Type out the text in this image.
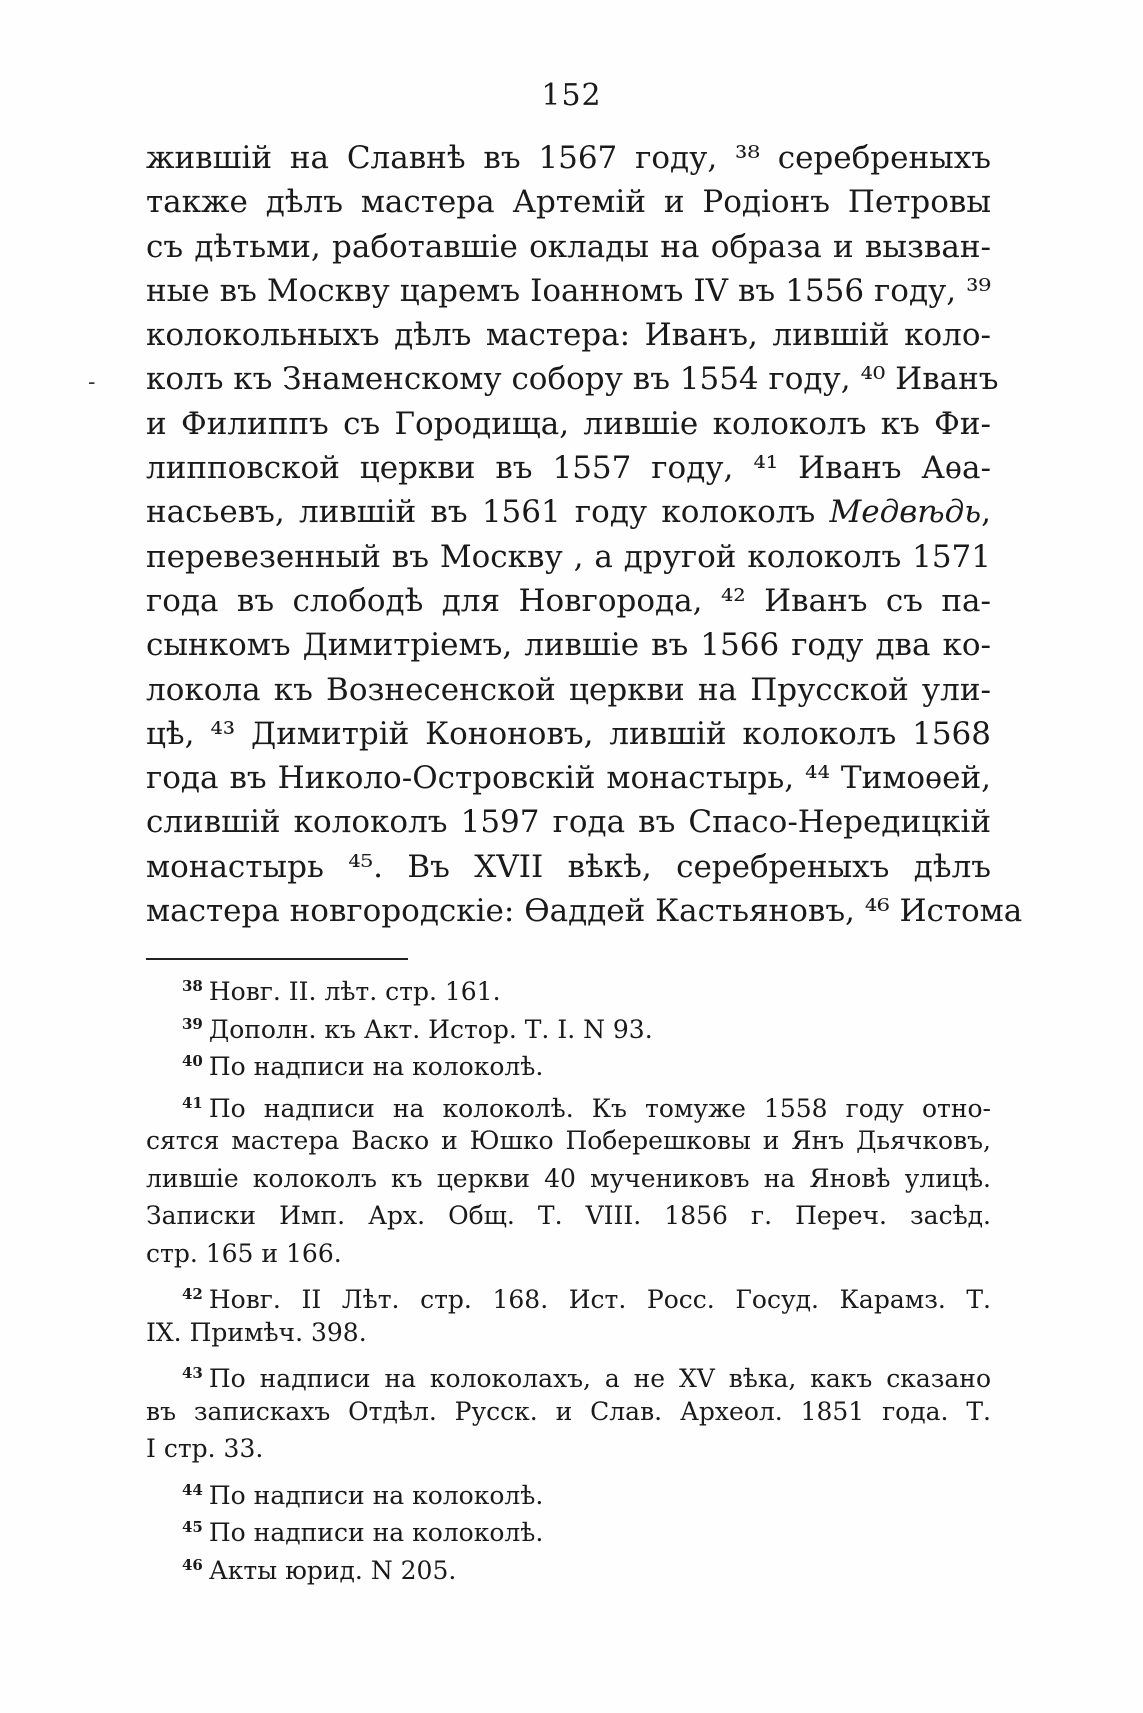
152
-
жившій на Славнѣ въ 1567 году, ³⁸ серебреныхъ
также дѣлъ мастера Артемій и Родіонъ Петровы
съ дѣтьми, работавшіе оклады на образа и вызван-
ные въ Москву царемъ Іоанномъ IV въ 1556 году, ³⁹
колокольныхъ дѣлъ мастера: Иванъ, лившій коло-
колъ къ Знаменскому собору въ 1554 году, ⁴⁰ Иванъ
и Филиппъ съ Городища, лившіе колоколъ къ Фи-
липповской церкви въ 1557 году, ⁴¹ Иванъ Аѳа-
насьевъ, лившій въ 1561 году колоколъ Медвѣдь,
перевезенный въ Москву , а другой колоколъ 1571
года въ слободѣ для Новгорода, ⁴² Иванъ съ па-
сынкомъ Димитріемъ, лившіе въ 1566 году два ко-
локола къ Вознесенской церкви на Прусской ули-
цѣ, ⁴³ Димитрій Кононовъ, лившій колоколъ 1568
года въ Николо-Островскій монастырь, ⁴⁴ Тимоѳей,
слившій колоколъ 1597 года въ Спасо-Нередицкій
монастырь ⁴⁵. Въ XVII вѣкѣ, серебреныхъ дѣлъ
мастера новгородскіе: Ѳаддей Кастьяновъ, ⁴⁶ Истома
$^{38}$ Новг. II. лѣт. стр. 161.
$^{39}$ Дополн. къ Акт. Истор. Т. I. N 93.
$^{40}$ По надписи на колоколѣ.
$^{41}$ По надписи на колоколѣ. Къ томуже 1558 году отно-
сятся мастера Васко и Юшко Поберешковы и Янъ Дьячковъ,
лившіе колоколъ къ церкви 40 мучениковъ на Яновѣ улицѣ.
Записки Имп. Арх. Общ. Т. VIII. 1856 г. Переч. засѣд.
стр. 165 и 166.
$^{42}$ Новг. II Лѣт. стр. 168. Ист. Росс. Госуд. Карамз. Т.
IX. Примѣч. 398.
$^{43}$ По надписи на колоколахъ, а не XV вѣка, какъ сказано
въ запискахъ Отдѣл. Русск. и Слав. Археол. 1851 года. Т.
I стр. 33.
$^{44}$ По надписи на колоколѣ.
$^{45}$ По надписи на колоколѣ.
$^{46}$ Акты юрид. N 205.
